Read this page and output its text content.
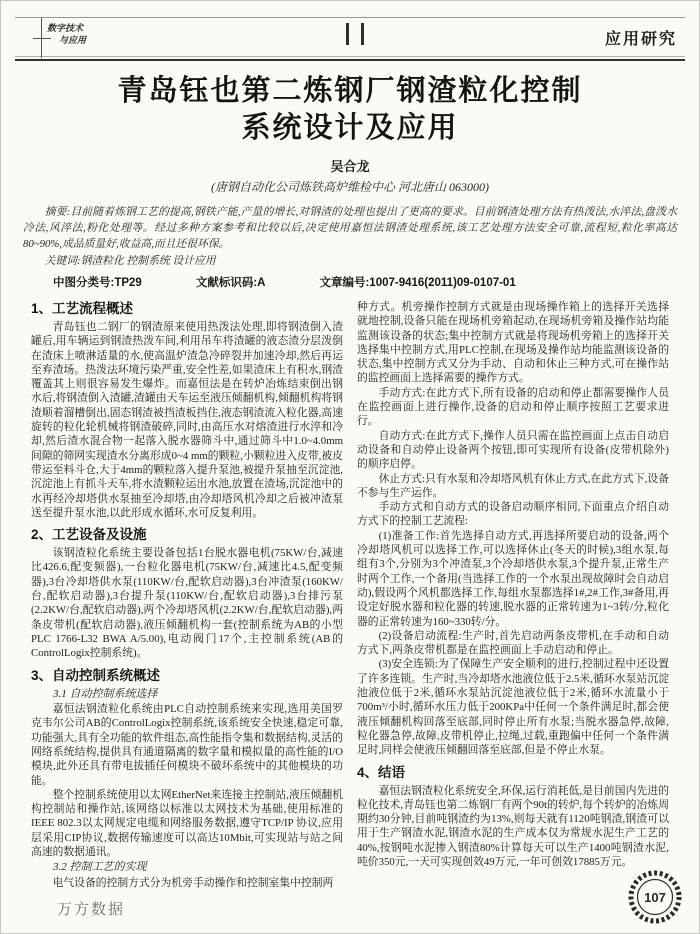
数字技术
与应用	应用研究
青岛钰也第二炼钢厂钢渣粒化控制
系统设计及应用
吴合龙
(唐钢自动化公司炼铁高炉维检中心 河北唐山 063000)

摘要:目前随着炼钢工艺的提高,钢铁产能,产量的增长,对钢渣的处理也提出了更高的要求。目前钢渣处理方法有热泼法,水淬法,盘泼水冷法,风淬法,粉化处理等。经过多种方案参考和比较以后,决定使用嘉恒法钢渣处理系统,该工艺处理方法安全可靠,流程短,粒化率高达80~90%,成品质量好,收益高,而且还很环保。

关键词:钢渣粒化 控制系统 设计应用

中图分类号:TP29	文献标识码:A	文章编号:1007-9416(2011)09-0107-01
1、工艺流程概述

青岛钰也二钢厂的钢渣原来使用热泼法处理,即将钢渣倒入渣罐后,用车辆运到钢渣热泼车间,利用吊车将渣罐的液态渣分层泼倒在渣床上喷淋适量的水,使高温炉渣急冷碎裂并加速冷却,然后再运至弃渣场。热泼法环境污染严重,安全性差,如果渣床上有积水,钢渣覆盖其上则很容易发生爆炸。而嘉恒法是在转炉冶炼结束倒出钢水后,将钢渣倒入渣罐,渣罐由天车运至液压倾翻机构,倾翻机构将钢渣顺着溜槽倒出,固态钢渣被挡渣板挡住,液态钢渣流入粒化器,高速旋转的粒化轮机械将钢渣破碎,同时,由高压水对熔渣进行水淬和冷却,然后渣水混合物一起落入脱水器筛斗中,通过筛斗中1.0~4.0mm间隙的筛网实现渣水分离形成0~4 mm的颗粒,小颗粒进入皮带,被皮带运至料斗仓,大于4mm的颗粒落入提升泵池,被提升泵抽至沉淀池,沉淀池上有抓斗天车,将水渣颗粒运出水池,放置在渣场,沉淀池中的水再经冷却塔供水泵抽至冷却塔,由冷却塔风机冷却之后被冲渣泵送至提升泵水池,以此形成水循环,水可反复利用。

2、工艺设备及设施

该钢渣粒化系统主要设备包括1台脱水器电机(75KW/台,减速比426.6,配变频器),一台粒化器电机(75KW/台,减速比4.5,配变频器),3台冷却塔供水泵(110KW/台,配软启动器),3台冲渣泵(160KW/台,配软启动器),3台提升泵(110KW/台,配软启动器),3台排污泵(2.2KW/台,配软启动器),两个冷却塔风机(2.2KW/台,配软启动器),两条皮带机(配软启动器),液压倾翻机构一套(控制系统为AB的小型PLC 1766-L32 BWA A/5.00),电动阀门17个,主控制系统(AB的ControlLogix控制系统)。

3、自动控制系统概述
3.1 自动控制系统选择

嘉恒法钢渣粒化系统由PLC自动控制系统来实现,选用美国罗克韦尔公司AB的ControlLogix控制系统,该系统安全快速,稳定可靠,功能强大,具有全功能的软件组态,高性能指令集和数据结构,灵活的网络系统结构,提供具有通道隔离的数字量和模拟量的高性能的I/O模块,此外还具有带电拔插任何模块不破坏系统中的其他模块的功能。

整个控制系统使用以太网EtherNet来连接主控制站,液压倾翻机构控制站和操作站,该网络以标准以太网技术为基础,使用标准的 IEEE 802.3以太网规定电缆和网络服务数据,遵守TCP/IP 协议,应用层采用CIP协议,数据传输速度可以高达10Mbit,可实现站与站之间高速的数据通讯。

3.2 控制工艺的实现

电气设备的控制方式分为机旁手动操作和控制室集中控制两

种方式。机旁操作控制方式就是由现场操作箱上的选择开关选择就地控制,设备只能在现场机旁箱起动,在现场机旁箱及操作站均能监测该设备的状态;集中控制方式就是将现场机旁箱上的选择开关选择集中控制方式,用PLC控制,在现场及操作站均能监测该设备的状态,集中控制方式又分为手动、自动和休止三种方式,可在操作站的监控画面上选择需要的操作方式。

手动方式:在此方式下,所有设备的启动和停止都需要操作人员在监控画面上进行操作,设备的启动和停止顺序按照工艺要求进行。

自动方式:在此方式下,操作人员只需在监控画面上点击自动启动设备和自动停止设备两个按钮,即可实现所有设备(皮带机除外)的顺序启停。

休止方式:只有水泵和冷却塔风机有休止方式,在此方式下,设备不参与生产运作。

手动方式和自动方式的设备启动顺序相同,下面重点介绍自动方式下的控制工艺流程:

(1)准备工作:首先选择自动方式,再选择所要启动的设备,两个冷却塔风机可以选择工作,可以选择休止(冬天的时候),3组水泵,每组有3个,分别为3个冲渣泵,3个冷却塔供水泵,3个提升泵,正常生产时两个工作,一个备用(当选择工作的一个水泵出现故障时会自动启动),假设两个风机都选择工作,每组水泵都选择1#,2#工作,3#备用,再设定好脱水器和粒化器的转速,脱水器的正常转速为1~3转/分,粒化器的正常转速为160~330转/分。

(2)设备启动流程:生产时,首先启动两条皮带机,在手动和自动方式下,两条皮带机都是在监控画面上手动启动和停止。

(3)安全连锁:为了保障生产安全顺利的进行,控制过程中还设置了许多连锁。生产时,当冷却塔水池液位低于2.5米,循环水泵站沉淀池液位低于2米,循环水泵站沉淀池液位低于2米,循环水流量小于700m³/小时,循环水压力低于200KPa中任何一个条件满足时,都会使液压倾翻机构回落至底部,同时停止所有水泵;当脱水器急停,故障,粒化器急停,故障,皮带机停止,拉绳,过载,重跑偏中任何一个条件满足时,同样会使液压倾翻回落至底部,但是不停止水泵。

4、结语

嘉恒法钢渣粒化系统安全,环保,运行消耗低,是目前国内先进的粒化技术,青岛钰也第二炼钢厂有两个90t的转炉,每个转炉的冶炼周期约30分钟,目前吨钢渣约为13%,则每天就有1120吨钢渣,钢渣可以用于生产钢渣水泥,钢渣水泥的生产成本仅为常规水泥生产工艺的40%,按钢吨水泥掺入钢渣80%计算每天可以生产1400吨钢渣水泥,吨价350元,一天可实现创效49万元,一年可创效17885万元。

万方数据
107
